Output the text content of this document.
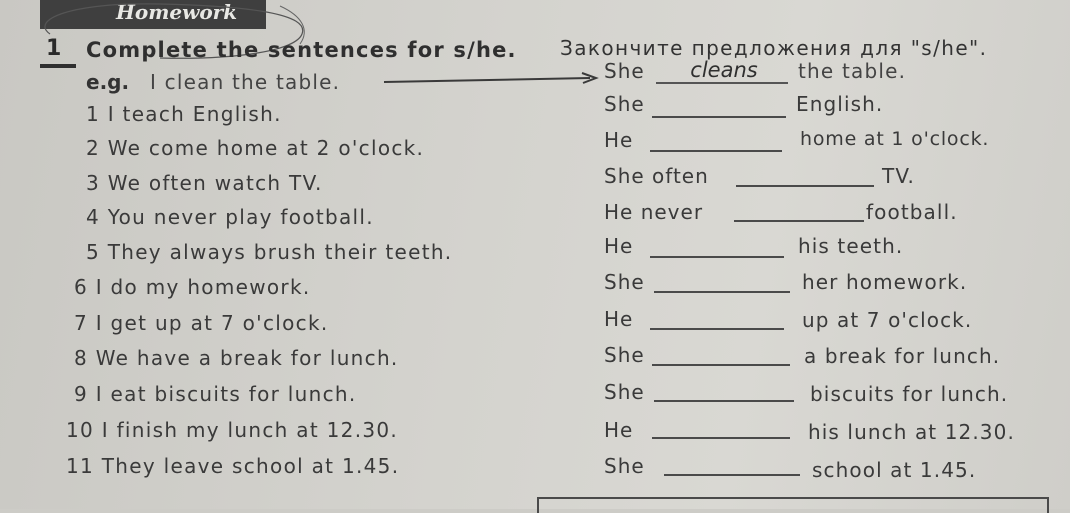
Homework
1 Complete the sentences for s/he. Закончите предложения для "s/he".
e.g. I clean the table.	She	cleans	the table.
1 I teach English.	She	English.
2 We come home at 2 o'clock.	He	home at 1 o'clock.
3 We often watch TV.	She often	TV.
4 You never play football.	He never	football.
5 They always brush their teeth.	He	his teeth.
6 I do my homework.	She	her homework.
7 I get up at 7 o'clock.	He	up at 7 o'clock.
8 We have a break for lunch.	She	a break for lunch.
9 I eat biscuits for lunch.	She	biscuits for lunch.
10 I finish my lunch at 12.30.	He	his lunch at 12.30.
11 They leave school at 1.45.	She	school at 1.45.
